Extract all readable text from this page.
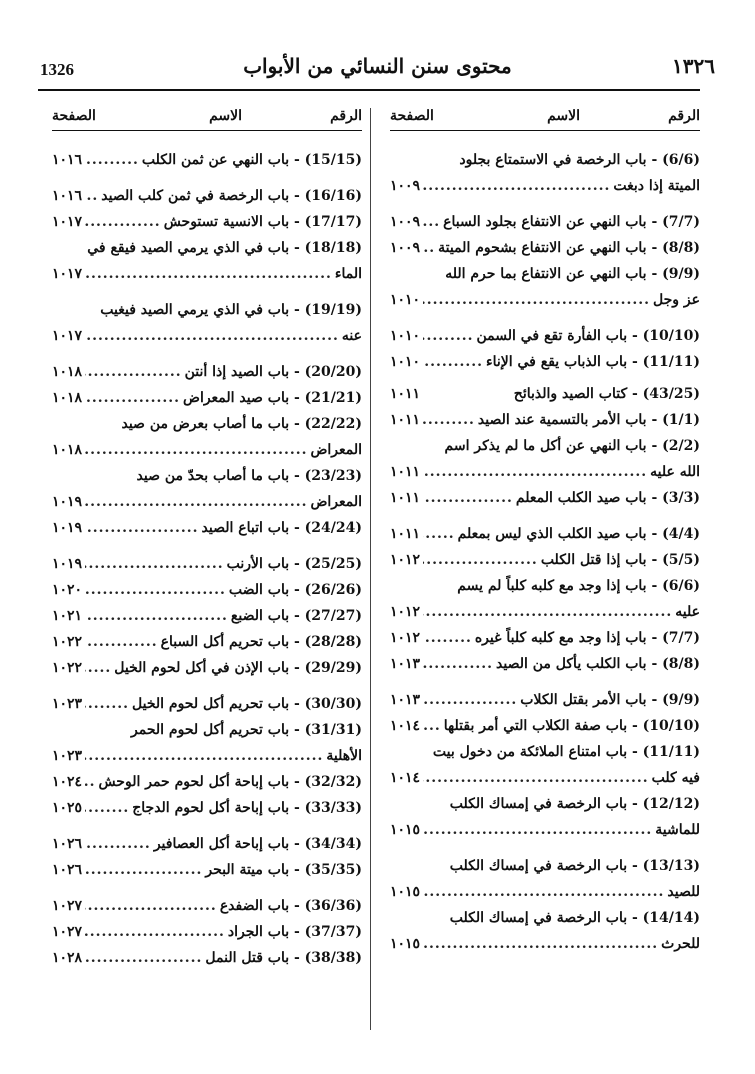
1326	محتوى سنن النسائي من الأبواب	١٣٢٦
الرقم
الاسم
الصفحة
(6/6) - باب الرخصة في الاستمتاع بجلود
الميتة إذا دبغت
.....
١٠٠٩
(7/7) - باب النهي عن الانتفاع بجلود السباع
.....
١٠٠٩
(8/8) - باب النهي عن الانتفاع بشحوم الميتة
.....
١٠٠٩
(9/9) - باب النهي عن الانتفاع بما حرم الله
عز وجل
.....
١٠١٠
(10/10) - باب الفأرة تقع في السمن
.....
١٠١٠
(11/11) - باب الذباب يقع في الإناء
.....
١٠١٠
(43/25) - كتاب الصيد والذبائح
١٠١١
(1/1) - باب الأمر بالتسمية عند الصيد
.....
١٠١١
(2/2) - باب النهي عن أكل ما لم يذكر اسم
الله عليه
.....
١٠١١
(3/3) - باب صيد الكلب المعلم
.....
١٠١١
(4/4) - باب صيد الكلب الذي ليس بمعلم
.....
١٠١١
(5/5) - باب إذا قتل الكلب
.....
١٠١٢
(6/6) - باب إذا وجد مع كلبه كلباً لم يسم
عليه
.....
١٠١٢
(7/7) - باب إذا وجد مع كلبه كلباً غيره
.....
١٠١٢
(8/8) - باب الكلب يأكل من الصيد
.....
١٠١٣
(9/9) - باب الأمر بقتل الكلاب
.....
١٠١٣
(10/10) - باب صفة الكلاب التي أمر بقتلها
.....
١٠١٤
(11/11) - باب امتناع الملائكة من دخول بيت
فيه كلب
.....
١٠١٤
(12/12) - باب الرخصة في إمساك الكلب
للماشية
.....
١٠١٥
(13/13) - باب الرخصة في إمساك الكلب
للصيد
.....
١٠١٥
(14/14) - باب الرخصة في إمساك الكلب
للحرث
.....
١٠١٥
الرقم
الاسم
الصفحة
(15/15) - باب النهي عن ثمن الكلب
.....
١٠١٦
(16/16) - باب الرخصة في ثمن كلب الصيد
.....
١٠١٦
(17/17) - باب الانسية تستوحش
.....
١٠١٧
(18/18) - باب في الذي يرمي الصيد فيقع في
الماء
.....
١٠١٧
(19/19) - باب في الذي يرمي الصيد فيغيب
عنه
.....
١٠١٧
(20/20) - باب الصيد إذا أنتن
.....
١٠١٨
(21/21) - باب صيد المعراض
.....
١٠١٨
(22/22) - باب ما أصاب بعرض من صيد
المعراض
.....
١٠١٨
(23/23) - باب ما أصاب بحدّ من صيد
المعراض
.....
١٠١٩
(24/24) - باب اتباع الصيد
.....
١٠١٩
(25/25) - باب الأرنب
.....
١٠١٩
(26/26) - باب الضب
.....
١٠٢٠
(27/27) - باب الضبع
.....
١٠٢١
(28/28) - باب تحريم أكل السباع
.....
١٠٢٢
(29/29) - باب الإذن في أكل لحوم الخيل
.....
١٠٢٢
(30/30) - باب تحريم أكل لحوم الخيل
.....
١٠٢٣
(31/31) - باب تحريم أكل لحوم الحمر
الأهلية
.....
١٠٢٣
(32/32) - باب إباحة أكل لحوم حمر الوحش
.....
١٠٢٤
(33/33) - باب إباحة أكل لحوم الدجاج
.....
١٠٢٥
(34/34) - باب إباحة أكل العصافير
.....
١٠٢٦
(35/35) - باب ميتة البحر
.....
١٠٢٦
(36/36) - باب الضفدع
.....
١٠٢٧
(37/37) - باب الجراد
.....
١٠٢٧
(38/38) - باب قتل النمل
.....
١٠٢٨
